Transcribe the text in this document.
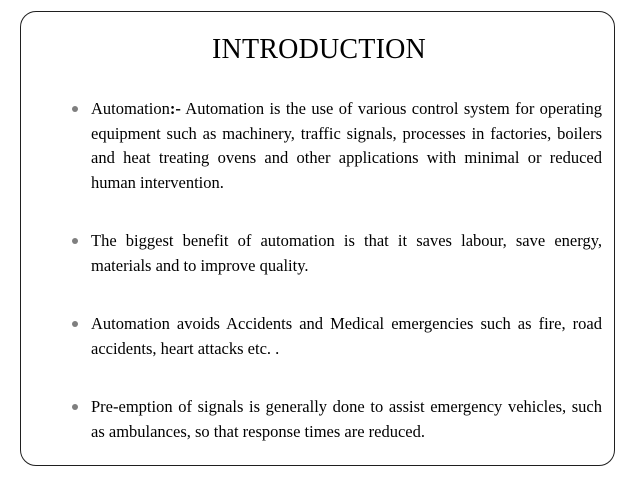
INTRODUCTION
Automation:- Automation is the use of various control system for operating equipment such as machinery, traffic signals, processes in factories, boilers and heat treating ovens and other applications with minimal or reduced human intervention.
The biggest benefit of automation is that it saves labour, save energy, materials and to improve quality.
Automation avoids Accidents and Medical emergencies such as fire, road accidents, heart attacks etc. .
Pre-emption of signals is generally done to assist emergency vehicles, such as ambulances, so that response times are reduced.
